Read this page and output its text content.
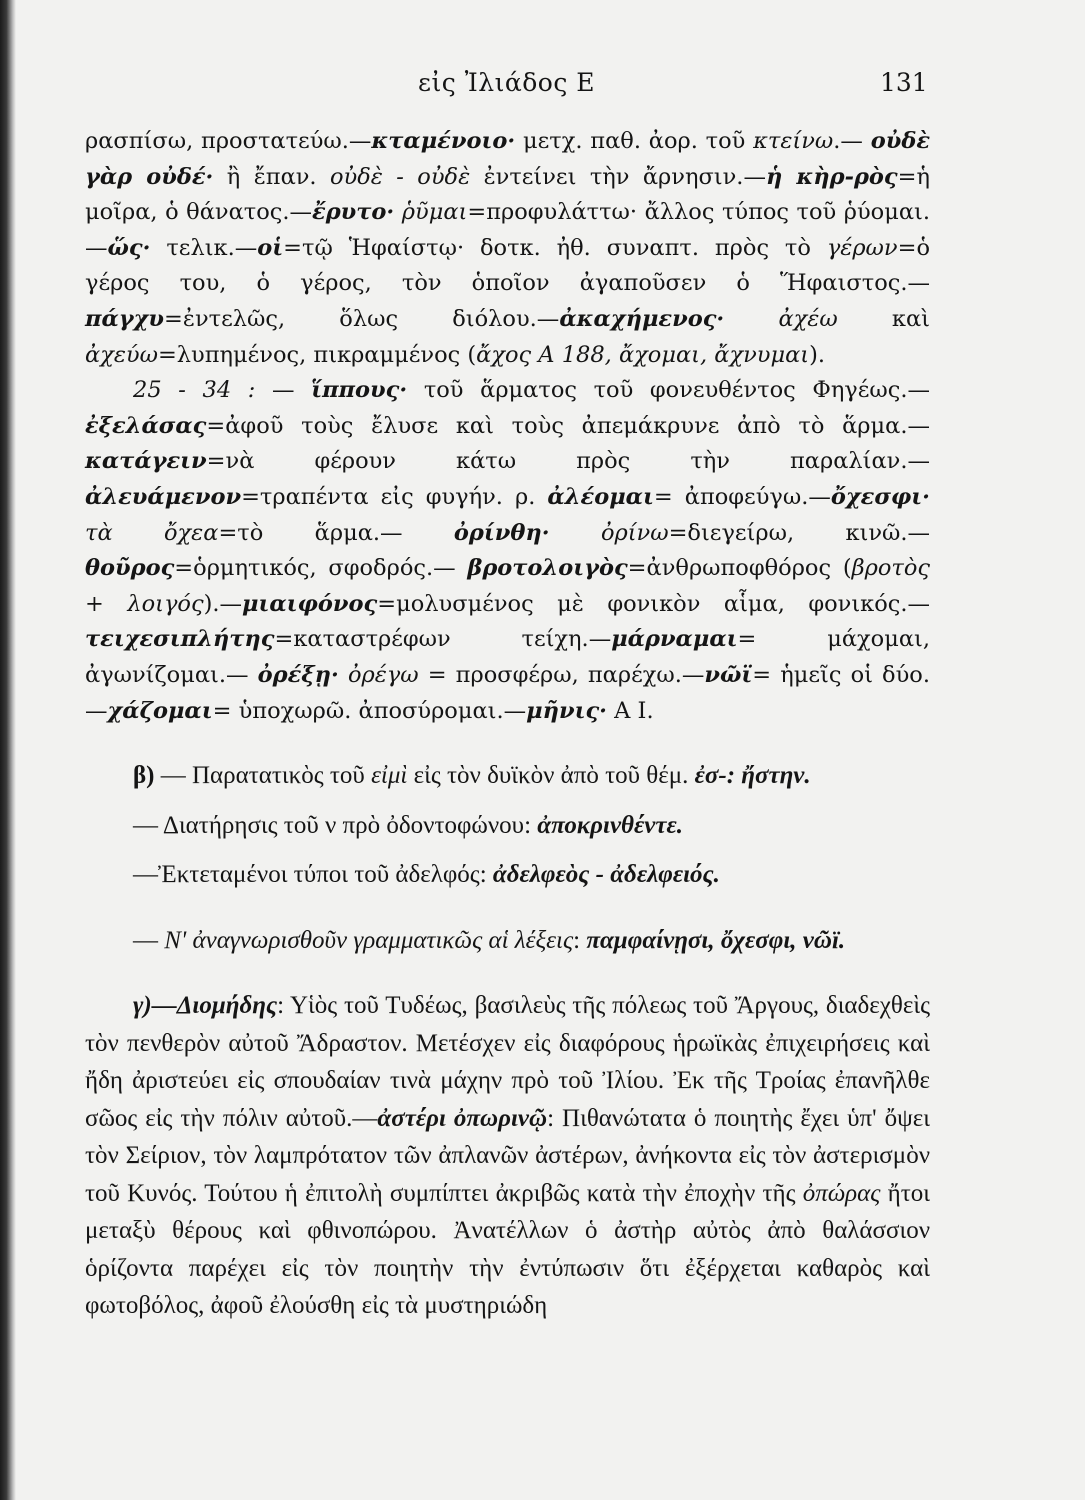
εἰς Ἰλιάδος Ε	131

ρασπίσω, προστατεύω.—κταμένοιο· μετχ. παθ. ἀορ. τοῦ κτείνω.— οὐδὲ γὰρ οὐδέ· ἢ ἔπαν. οὐδὲ - οὐδὲ ἐντείνει τὴν ἄρνησιν.—ἡ κὴρ-ρὸς=ἡ μοῖρα, ὁ θάνατος.—ἔρυτο· ῥῦμαι=προφυλάττω· ἄλλος τύπος τοῦ ῥύομαι.—ὥς· τελικ.—οἱ=τῷ Ἡφαίστῳ· δοτκ. ἠθ. συναπτ. πρὸς τὸ γέρων=ὁ γέρος του, ὁ γέρος, τὸν ὁποῖον ἀγαποῦσεν ὁ Ἥφαιστος.— πάγχυ=ἐντελῶς, ὅλως διόλου.—ἀκαχήμενος· ἀχέω καὶ ἀχεύω=λυπημένος, πικραμμένος (ἄχος Α 188, ἄχομαι, ἄχνυμαι).

25 - 34 : — ἵππους· τοῦ ἅρματος τοῦ φονευθέντος Φηγέως.—ἐξελάσας=ἀφοῦ τοὺς ἔλυσε καὶ τοὺς ἀπεμάκρυνε ἀπὸ τὸ ἅρμα.—κατάγειν=νὰ φέρουν κάτω πρὸς τὴν παραλίαν.—ἀλευάμενον=τραπέντα εἰς φυγήν. ρ. ἀλέομαι= ἀποφεύγω.—ὄχεσφι· τὰ ὄχεα=τὸ ἅρμα.— ὀρίνθη· ὀρίνω=διεγείρω, κινῶ.—θοῦρος=ὁρμητικός, σφοδρός.— βροτολοιγὸς=ἀνθρωποφθόρος (βροτὸς + λοιγός).—μιαιφόνος=μολυσμένος μὲ φονικὸν αἷμα, φονικός.—τειχεσιπλήτης=καταστρέφων τείχη.—μάρναμαι= μάχομαι, ἀγωνίζομαι.— ὀρέξῃ· ὀρέγω = προσφέρω, παρέχω.—νῶϊ= ἡμεῖς οἱ δύο.—χάζομαι= ὑποχωρῶ. ἀποσύρομαι.—μῆνις· Α Ι.

β) — Παρατατικὸς τοῦ εἰμὶ εἰς τὸν δυϊκὸν ἀπὸ τοῦ θέμ. ἐσ-: ἤστην.

— Διατήρησις τοῦ ν πρὸ ὀδοντοφώνου: ἀποκρινθέντε.

—Ἐκτεταμένοι τύποι τοῦ ἀδελφός: ἀδελφεὸς - ἀδελφειός.

— Ν' ἀναγνωρισθοῦν γραμματικῶς αἱ λέξεις: παμφαίνῃσι, ὄχεσφι, νῶϊ.

γ)—Διομήδης: Υἱὸς τοῦ Τυδέως, βασιλεὺς τῆς πόλεως τοῦ Ἄργους, διαδεχθεὶς τὸν πενθερὸν αὐτοῦ Ἄδραστον. Μετέσχεν εἰς διαφόρους ἡρωϊκὰς ἐπιχειρήσεις καὶ ἤδη ἀριστεύει εἰς σπουδαίαν τινὰ μάχην πρὸ τοῦ Ἰλίου. Ἐκ τῆς Τροίας ἐπανῆλθε σῶος εἰς τὴν πόλιν αὐτοῦ.—ἀστέρι ὀπωρινῷ: Πιθανώτατα ὁ ποιητὴς ἔχει ὑπ' ὄψει τὸν Σείριον, τὸν λαμπρότατον τῶν ἀπλανῶν ἀστέρων, ἀνήκοντα εἰς τὸν ἀστερισμὸν τοῦ Κυνός. Τούτου ἡ ἐπιτολὴ συμπίπτει ἀκριβῶς κατὰ τὴν ἐποχὴν τῆς ὀπώρας ἤτοι μεταξὺ θέρους καὶ φθινοπώρου. Ἀνατέλλων ὁ ἀστὴρ αὐτὸς ἀπὸ θαλάσσιον ὁρίζοντα παρέχει εἰς τὸν ποιητὴν τὴν ἐντύπωσιν ὅτι ἐξέρχεται καθαρὸς καὶ φωτοβόλος, ἀφοῦ ἐλούσθη εἰς τὰ μυστηριώδη
